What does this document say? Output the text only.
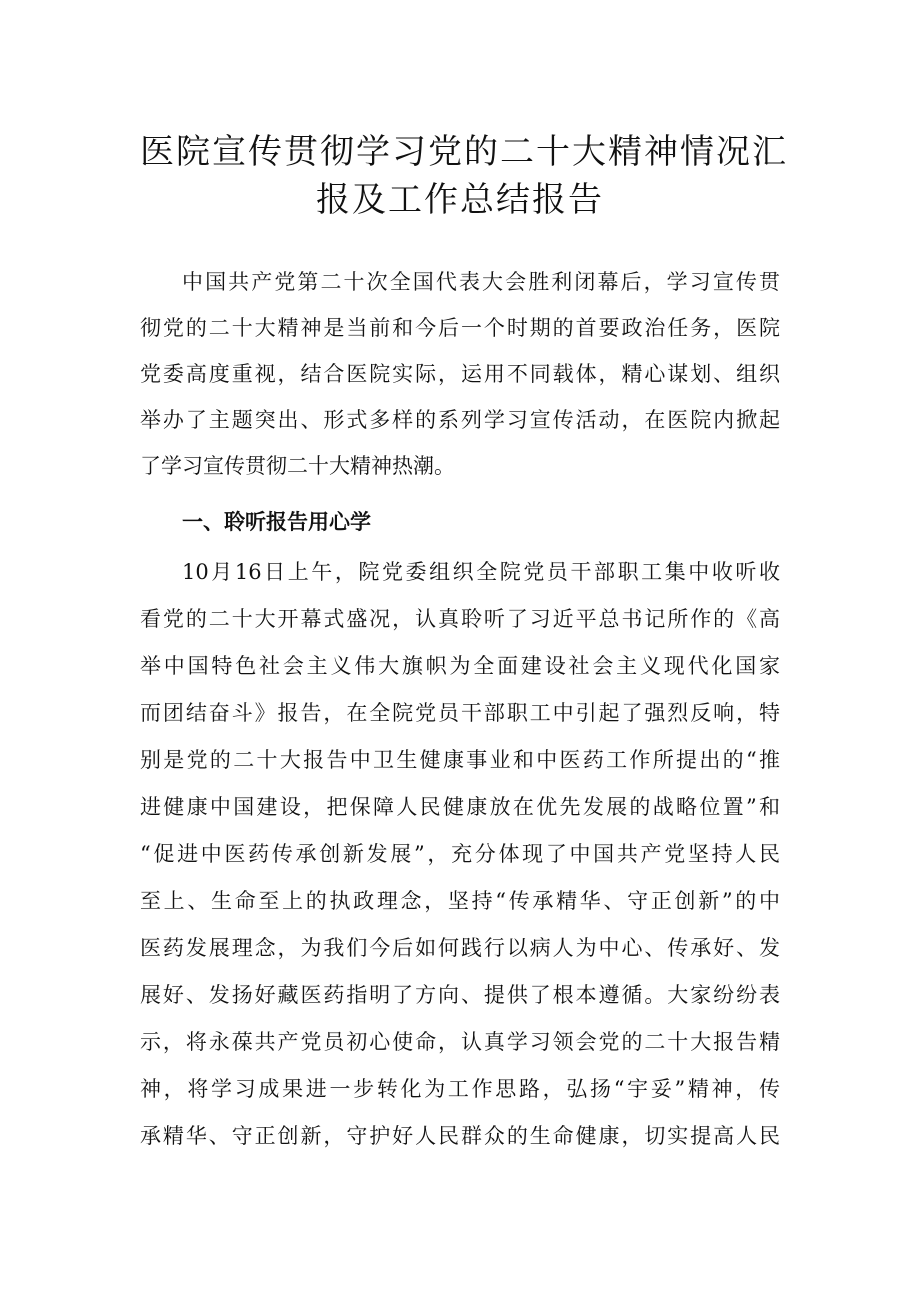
医院宣传贯彻学习党的二十大精神情况汇
报及工作总结报告
中国共产党第二十次全国代表大会胜利闭幕后，学习宣传贯
彻党的二十大精神是当前和今后一个时期的首要政治任务，医院
党委高度重视，结合医院实际，运用不同载体，精心谋划、组织
举办了主题突出、形式多样的系列学习宣传活动，在医院内掀起
了学习宣传贯彻二十大精神热潮。
一、聆听报告用心学
10月16日上午，院党委组织全院党员干部职工集中收听收
看党的二十大开幕式盛况，认真聆听了习近平总书记所作的《高
举中国特色社会主义伟大旗帜为全面建设社会主义现代化国家
而团结奋斗》报告，在全院党员干部职工中引起了强烈反响，特
别是党的二十大报告中卫生健康事业和中医药工作所提出的“推
进健康中国建设，把保障人民健康放在优先发展的战略位置”和
“促进中医药传承创新发展”，充分体现了中国共产党坚持人民
至上、生命至上的执政理念，坚持“传承精华、守正创新”的中
医药发展理念，为我们今后如何践行以病人为中心、传承好、发
展好、发扬好藏医药指明了方向、提供了根本遵循。大家纷纷表
示，将永葆共产党员初心使命，认真学习领会党的二十大报告精
神，将学习成果进一步转化为工作思路，弘扬“宇妥”精神，传
承精华、守正创新，守护好人民群众的生命健康，切实提高人民
